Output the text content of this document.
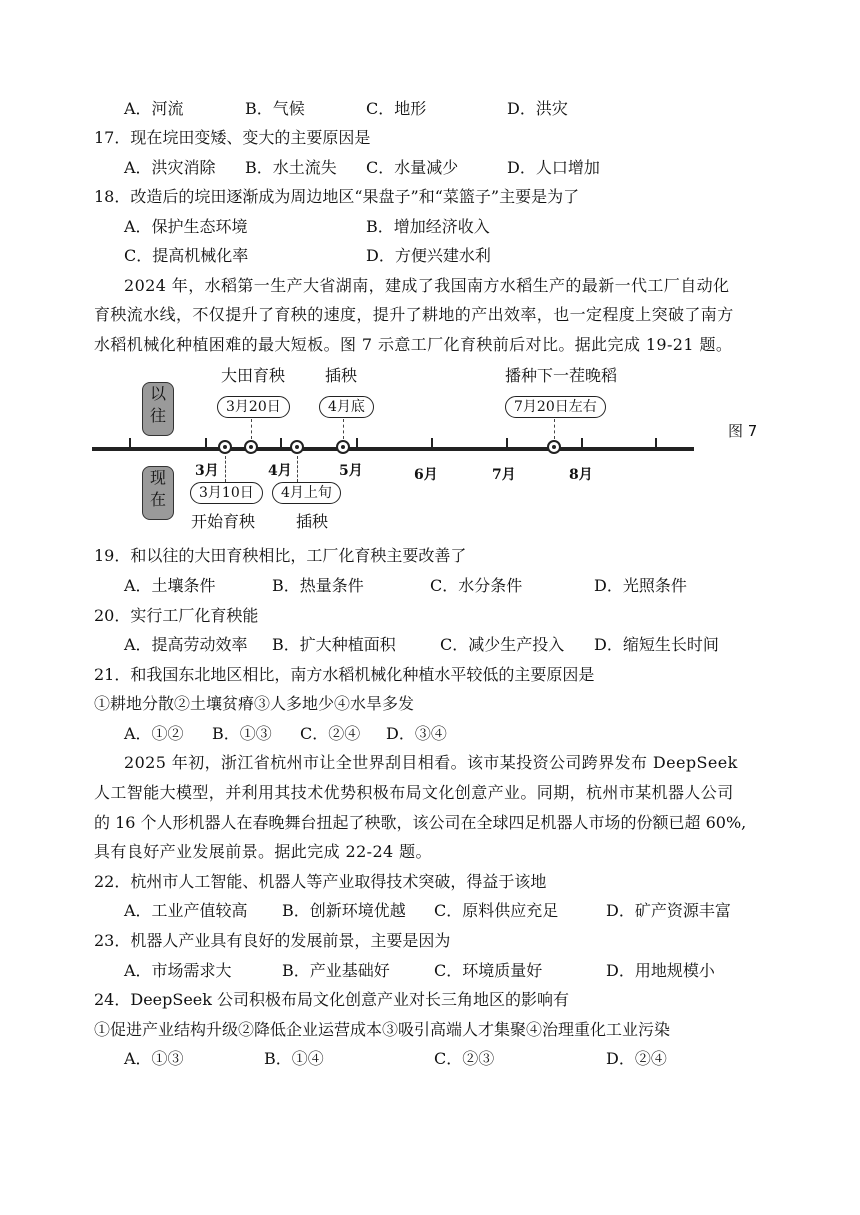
A．河流	B．气候	C．地形	D．洪灾
17．现在垸田变矮、变大的主要原因是
A．洪灾消除 B．水土流失 C．水量减少	D．人口增加
18．改造后的垸田逐渐成为周边地区“果盘子”和“菜篮子”主要是为了
A．保护生态环境	B．增加经济收入
C．提高机械化率	D．方便兴建水利
2024 年，水稻第一生产大省湖南，建成了我国南方水稻生产的最新一代工厂自动化
育秧流水线，不仅提升了育秧的速度，提升了耕地的产出效率，也一定程度上突破了南方
水稻机械化种植困难的最大短板。图 7 示意工厂化育秧前后对比。据此完成 19-21 题。
以
往
现
在
大田育秧
3月20日
插秧
4月底
播种下一茬晚稻
7月20日左右
3月	4月	5月	6月	7月	8月
3月10日	4月上旬
开始育秧	插秧
图 7
19．和以往的大田育秧相比，工厂化育秧主要改善了
A．土壤条件	B．热量条件	C．水分条件	D．光照条件
20．实行工厂化育秧能
A．提高劳动效率 B．扩大种植面积	C．减少生产投入 D．缩短生长时间
21．和我国东北地区相比，南方水稻机械化种植水平较低的主要原因是
①耕地分散②土壤贫瘠③人多地少④水旱多发
A．①② B．①③ C．②④ D．③④
2025 年初，浙江省杭州市让全世界刮目相看。该市某投资公司跨界发布 DeepSeek
人工智能大模型，并利用其技术优势积极布局文化创意产业。同期，杭州市某机器人公司
的 16 个人形机器人在春晚舞台扭起了秧歌，该公司在全球四足机器人市场的份额已超 60%,
具有良好产业发展前景。据此完成 22-24 题。
22．杭州市人工智能、机器人等产业取得技术突破，得益于该地
A．工业产值较高 B．创新环境优越 C．原料供应充足	D．矿产资源丰富
23．机器人产业具有良好的发展前景，主要是因为
A．市场需求大	B．产业基础好	C．环境质量好	D．用地规模小
24．DeepSeek 公司积极布局文化创意产业对长三角地区的影响有
①促进产业结构升级②降低企业运营成本③吸引高端人才集聚④治理重化工业污染
A．①③	B．①④	C．②③	D．②④
